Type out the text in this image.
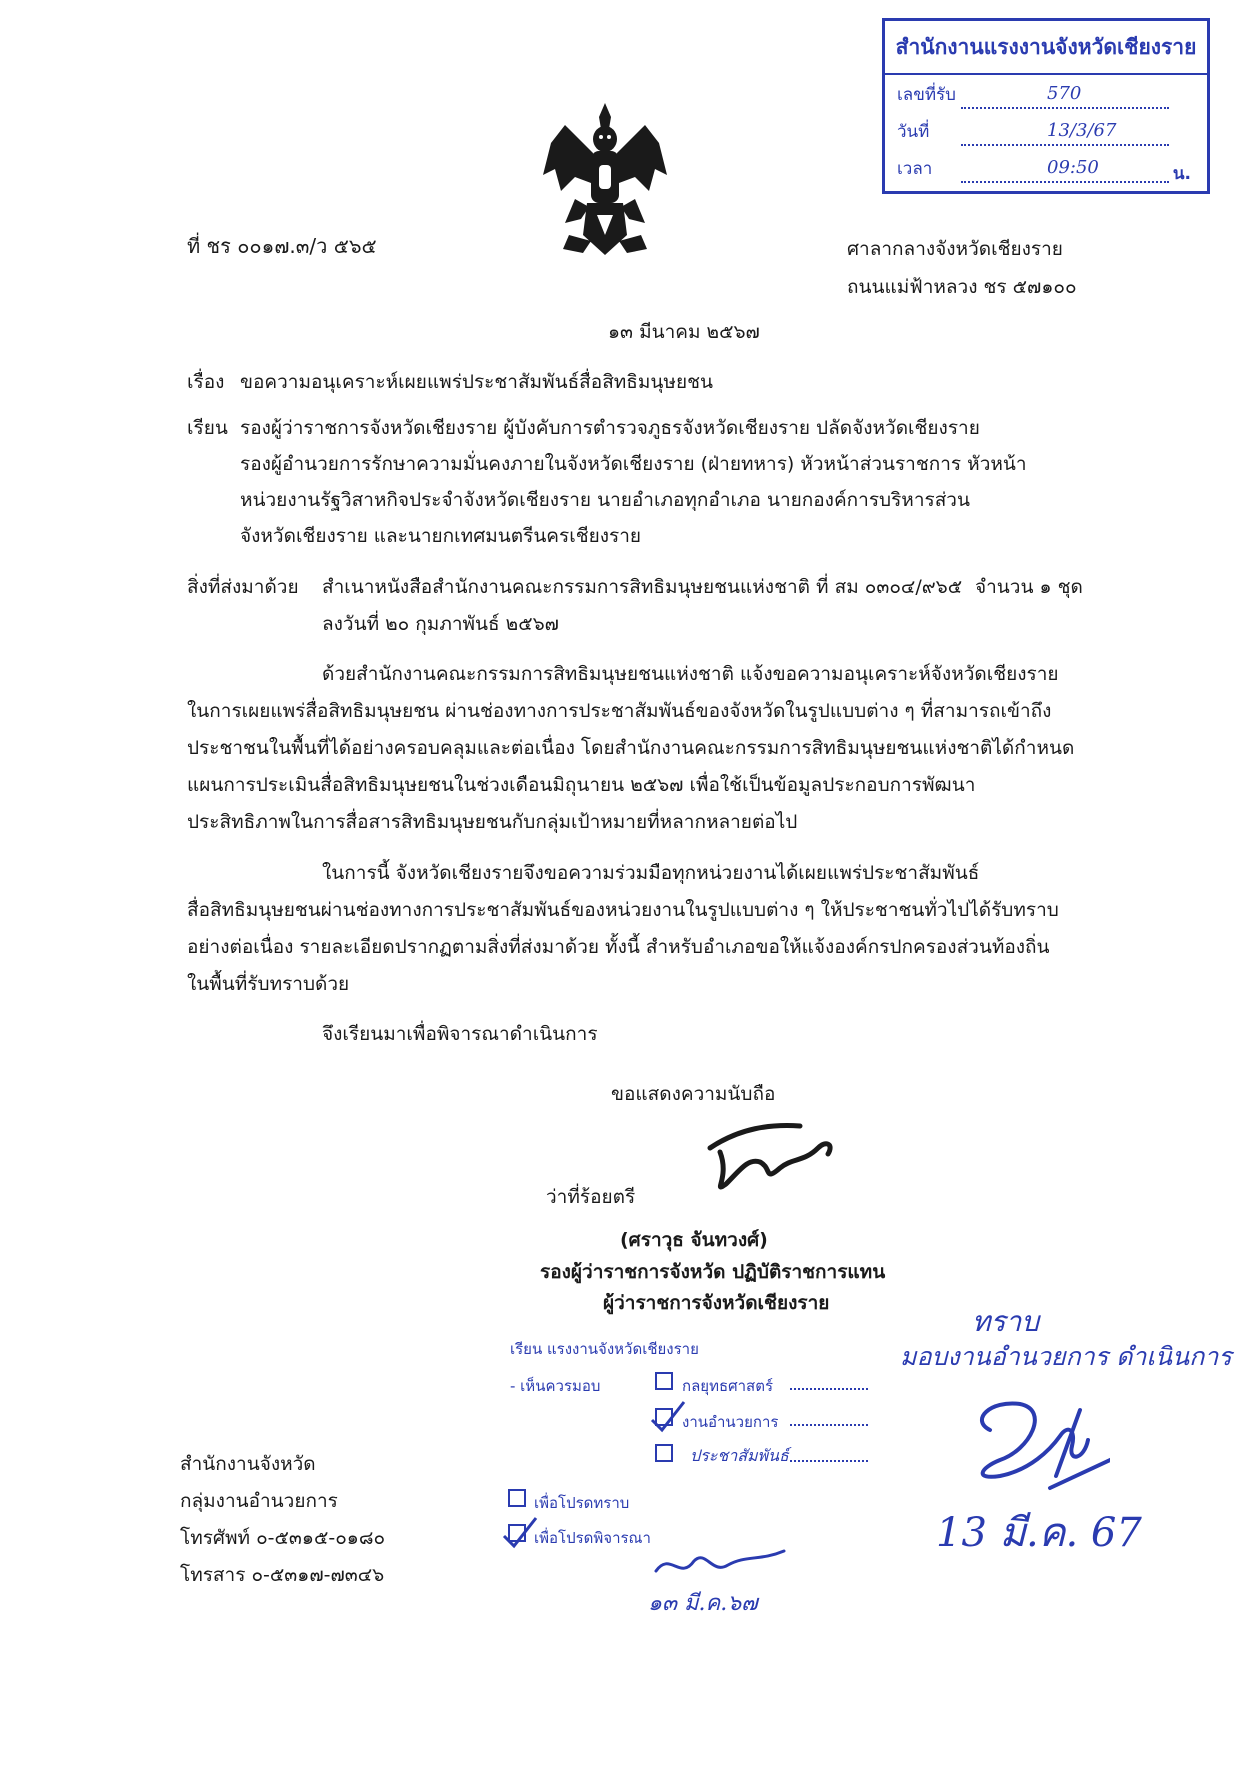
สำนักงานแรงงานจังหวัดเชียงราย
เลขที่รับ	570
วันที่	13/3/67
เวลา	09:50	น.
ที่ ชร ๐๐๑๗.๓/ว ๕๖๕	ศาลากลางจังหวัดเชียงราย
ถนนแม่ฟ้าหลวง ชร ๕๗๑๐๐
๑๓ มีนาคม ๒๕๖๗
เรื่อง ขอความอนุเคราะห์เผยแพร่ประชาสัมพันธ์สื่อสิทธิมนุษยชน
เรียน รองผู้ว่าราชการจังหวัดเชียงราย ผู้บังคับการตำรวจภูธรจังหวัดเชียงราย ปลัดจังหวัดเชียงราย
รองผู้อำนวยการรักษาความมั่นคงภายในจังหวัดเชียงราย (ฝ่ายทหาร) หัวหน้าส่วนราชการ หัวหน้า
หน่วยงานรัฐวิสาหกิจประจำจังหวัดเชียงราย นายอำเภอทุกอำเภอ นายกองค์การบริหารส่วน
จังหวัดเชียงราย และนายกเทศมนตรีนครเชียงราย
สิ่งที่ส่งมาด้วย สำเนาหนังสือสำนักงานคณะกรรมการสิทธิมนุษยชนแห่งชาติ ที่ สม ๐๓๐๔/๙๖๕ จำนวน ๑ ชุด
ลงวันที่ ๒๐ กุมภาพันธ์ ๒๕๖๗
ด้วยสำนักงานคณะกรรมการสิทธิมนุษยชนแห่งชาติ แจ้งขอความอนุเคราะห์จังหวัดเชียงราย
ในการเผยแพร่สื่อสิทธิมนุษยชน ผ่านช่องทางการประชาสัมพันธ์ของจังหวัดในรูปแบบต่าง ๆ ที่สามารถเข้าถึง
ประชาชนในพื้นที่ได้อย่างครอบคลุมและต่อเนื่อง โดยสำนักงานคณะกรรมการสิทธิมนุษยชนแห่งชาติได้กำหนด
แผนการประเมินสื่อสิทธิมนุษยชนในช่วงเดือนมิถุนายน ๒๕๖๗ เพื่อใช้เป็นข้อมูลประกอบการพัฒนา
ประสิทธิภาพในการสื่อสารสิทธิมนุษยชนกับกลุ่มเป้าหมายที่หลากหลายต่อไป
ในการนี้ จังหวัดเชียงรายจึงขอความร่วมมือทุกหน่วยงานได้เผยแพร่ประชาสัมพันธ์
สื่อสิทธิมนุษยชนผ่านช่องทางการประชาสัมพันธ์ของหน่วยงานในรูปแบบต่าง ๆ ให้ประชาชนทั่วไปได้รับทราบ
อย่างต่อเนื่อง รายละเอียดปรากฏตามสิ่งที่ส่งมาด้วย ทั้งนี้ สำหรับอำเภอขอให้แจ้งองค์กรปกครองส่วนท้องถิ่น
ในพื้นที่รับทราบด้วย
จึงเรียนมาเพื่อพิจารณาดำเนินการ
ขอแสดงความนับถือ
ว่าที่ร้อยตรี
(ศราวุธ จันทวงศ์)
รองผู้ว่าราชการจังหวัด ปฏิบัติราชการแทน
ผู้ว่าราชการจังหวัดเชียงราย
เรียน แรงงานจังหวัดเชียงราย
- เห็นควรมอบ	กลยุทธศาสตร์
งานอำนวยการ
ประชาสัมพันธ์
เพื่อโปรดทราบ
เพื่อโปรดพิจารณา
๑๓ มี.ค.๖๗
ทราบ
มอบงานอำนวยการ ดำเนินการ
13 มี.ค. 67
สำนักงานจังหวัด
กลุ่มงานอำนวยการ
โทรศัพท์ ๐-๕๓๑๕-๐๑๘๐
โทรสาร ๐-๕๓๑๗-๗๓๔๖
